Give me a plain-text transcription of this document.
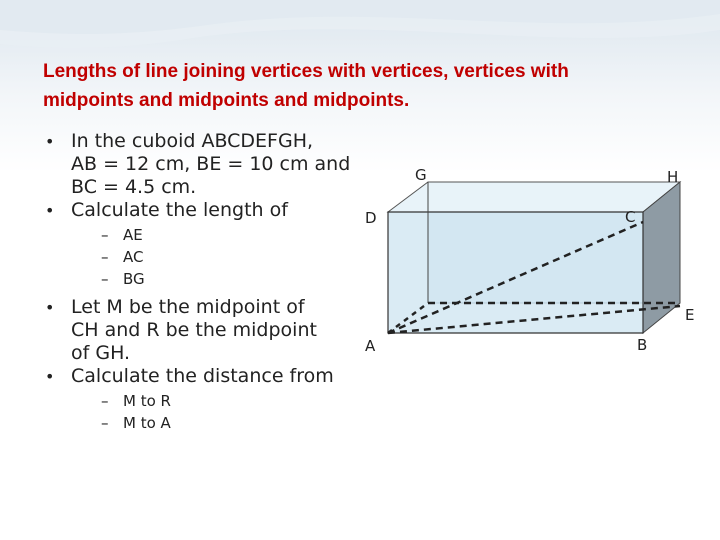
Lengths of line joining vertices with vertices, vertices with
midpoints and midpoints and midpoints.
• In the cuboid ABCDEFGH,
AB = 12 cm, BE = 10 cm and
BC = 4.5 cm.
• Calculate the length of
– AE
– AC
– BG
• Let M be the midpoint of
CH and R be the midpoint
of GH.
• Calculate the distance from
– M to R
– M to A
G	H
D	C
A	B
E
